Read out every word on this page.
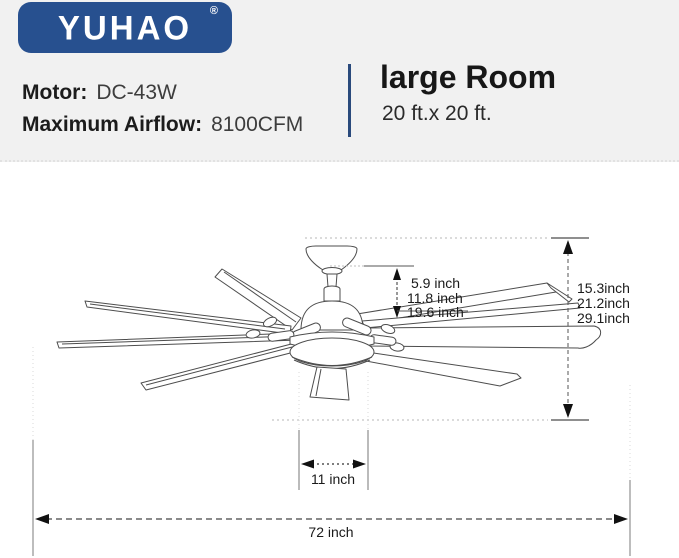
YUHAO ®
Motor: DC-43W
Maximum Airflow: 8100CFM
large Room
20 ft.x 20 ft.
5.9 inch
11.8 inch
19.6 inch
15.3inch
21.2inch
29.1inch
11 inch
72 inch
